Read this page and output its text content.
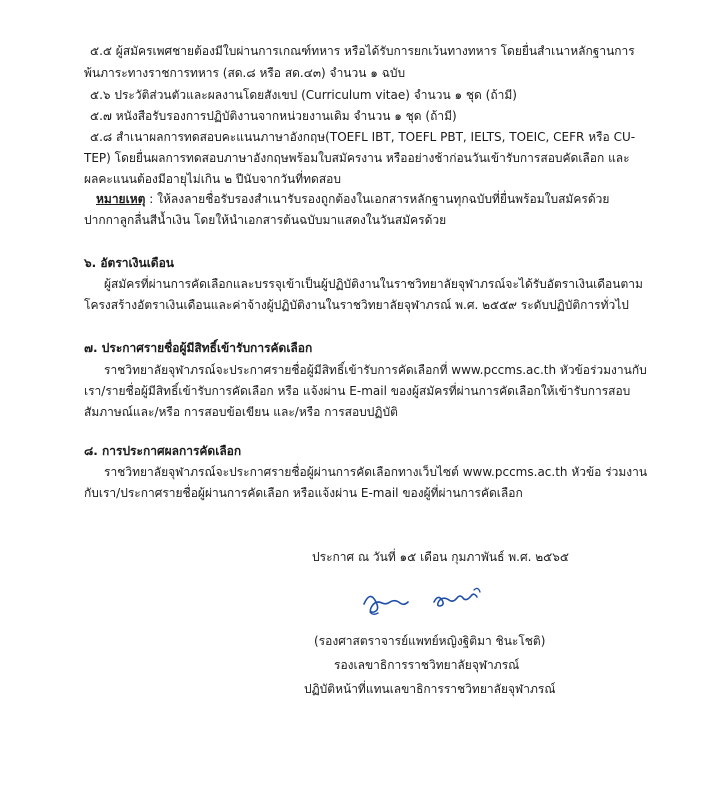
๕.๕ ผู้สมัครเพศชายต้องมีใบผ่านการเกณฑ์ทหาร หรือได้รับการยกเว้นทางทหาร โดยยื่นสำเนาหลักฐานการ
พ้นภาระทางราชการทหาร (สด.๘ หรือ สด.๔๓) จำนวน ๑ ฉบับ
๕.๖ ประวัติส่วนตัวและผลงานโดยสังเขป (Curriculum vitae) จำนวน ๑ ชุด (ถ้ามี)
๕.๗ หนังสือรับรองการปฏิบัติงานจากหน่วยงานเดิม จำนวน ๑ ชุด (ถ้ามี)
๕.๘ สำเนาผลการทดสอบคะแนนภาษาอังกฤษ(TOEFL IBT, TOEFL PBT, IELTS, TOEIC, CEFR หรือ CU-
TEP) โดยยื่นผลการทดสอบภาษาอังกฤษพร้อมใบสมัครงาน หรืออย่างช้าก่อนวันเข้ารับการสอบคัดเลือก และ
ผลคะแนนต้องมีอายุไม่เกิน ๒ ปีนับจากวันที่ทดสอบ
หมายเหตุ : ให้ลงลายชื่อรับรองสำเนารับรองถูกต้องในเอกสารหลักฐานทุกฉบับที่ยื่นพร้อมใบสมัครด้วย
ปากกาลูกลื่นสีน้ำเงิน โดยให้นำเอกสารต้นฉบับมาแสดงในวันสมัครด้วย
๖. อัตราเงินเดือน
ผู้สมัครที่ผ่านการคัดเลือกและบรรจุเข้าเป็นผู้ปฏิบัติงานในราชวิทยาลัยจุฬาภรณ์จะได้รับอัตราเงินเดือนตาม
โครงสร้างอัตราเงินเดือนและค่าจ้างผู้ปฏิบัติงานในราชวิทยาลัยจุฬาภรณ์ พ.ศ. ๒๕๕๙ ระดับปฏิบัติการทั่วไป
๗. ประกาศรายชื่อผู้มีสิทธิ์เข้ารับการคัดเลือก
ราชวิทยาลัยจุฬาภรณ์จะประกาศรายชื่อผู้มีสิทธิ์เข้ารับการคัดเลือกที่ www.pccms.ac.th หัวข้อร่วมงานกับ
เรา/รายชื่อผู้มีสิทธิ์เข้ารับการคัดเลือก หรือ แจ้งผ่าน E-mail ของผู้สมัครที่ผ่านการคัดเลือกให้เข้ารับการสอบ
สัมภาษณ์และ/หรือ การสอบข้อเขียน และ/หรือ การสอบปฏิบัติ
๘. การประกาศผลการคัดเลือก
ราชวิทยาลัยจุฬาภรณ์จะประกาศรายชื่อผู้ผ่านการคัดเลือกทางเว็บไซต์ www.pccms.ac.th หัวข้อ ร่วมงาน
กับเรา/ประกาศรายชื่อผู้ผ่านการคัดเลือก หรือแจ้งผ่าน E-mail ของผู้ที่ผ่านการคัดเลือก
ประกาศ ณ วันที่ ๑๕ เดือน กุมภาพันธ์ พ.ศ. ๒๕๖๕
(รองศาสตราจารย์แพทย์หญิงฐิติมา ชินะโชติ)
รองเลขาธิการราชวิทยาลัยจุฬาภรณ์
ปฏิบัติหน้าที่แทนเลขาธิการราชวิทยาลัยจุฬาภรณ์
